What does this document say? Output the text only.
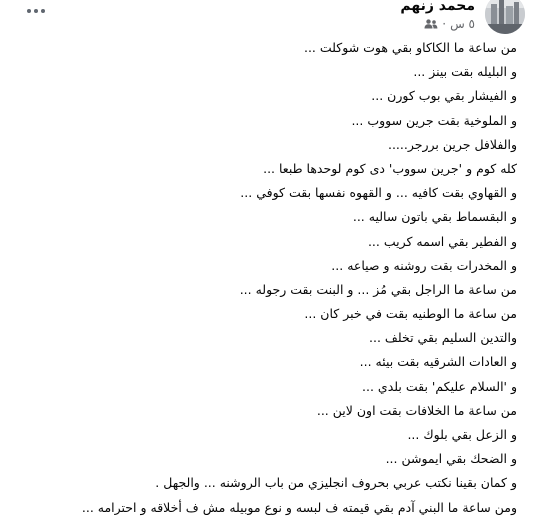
محمد زنهم
٥ س
·
من ساعة ما الكاكاو بقي هوت شوكلت ...
و البليله بقت بينز ...
و الفيشار بقي بوب كورن ...
و الملوخية بقت جرين سووب ...
والفلافل جرين بررجر.....
كله كوم و 'جرين سووب' دى كوم لوحدها طبعا ...
و القهاوي بقت كافيه ... و القهوه نفسها بقت كوفي ...
و البقسماط بقي باتون ساليه ...
و الفطير بقي اسمه كريب ...
و المخدرات بقت روشنه و صياعه ...
من ساعة ما الراجل بقي مُز ... و البنت بقت رجوله ...
من ساعة ما الوطنيه بقت في خبر كان ...
والتدين السليم بقي تخلف ...
و العادات الشرقيه بقت بيئه ...
و 'السلام عليكم' بقت بلدي ...
من ساعة ما الخلافات بقت اون لاين ...
و الزعل بقي بلوك ...
و الضحك بقي ايموشن ...
و كمان بقينا نكتب عربي بحروف انجليزي من باب الروشنه ... والجهل .
ومن ساعة ما البني آدم بقي قيمته ف لبسه و نوع موبيله مش ف أخلاقه و احترامه ...
